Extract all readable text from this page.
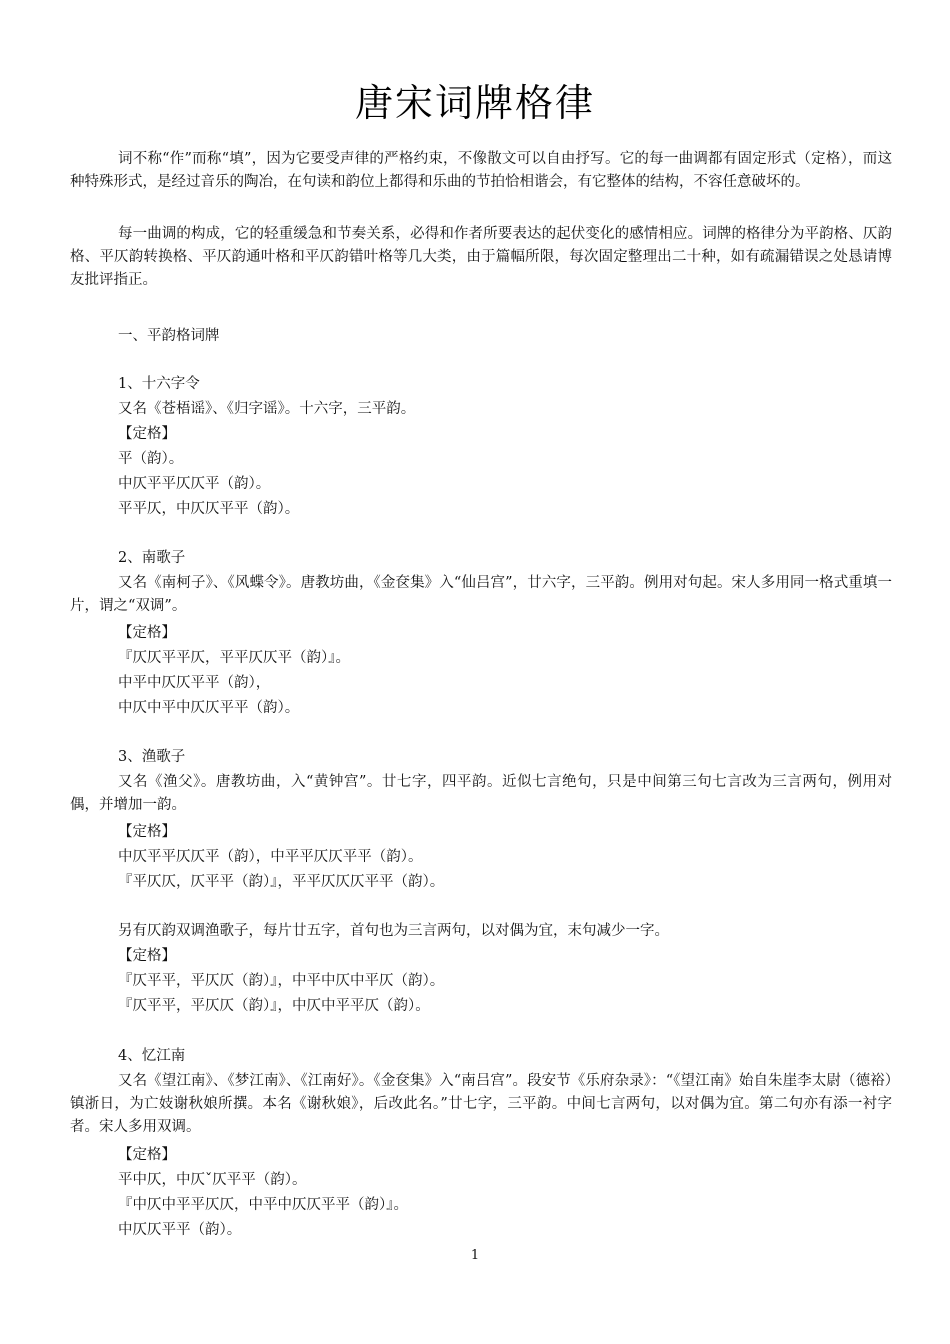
唐宋词牌格律

词不称“作”而称“填”，因为它要受声律的严格约束，不像散文可以自由抒写。它的每一曲调都有固定形式（定格），而这种特殊形式，是经过音乐的陶冶，在句读和韵位上都得和乐曲的节拍恰相谐会，有它整体的结构，不容任意破坏的。

每一曲调的构成，它的轻重缓急和节奏关系，必得和作者所要表达的起伏变化的感情相应。词牌的格律分为平韵格、仄韵格、平仄韵转换格、平仄韵通叶格和平仄韵错叶格等几大类，由于篇幅所限，每次固定整理出二十种，如有疏漏错误之处恳请博友批评指正。

一、平韵格词牌
1、十六字令
又名《苍梧谣》、《归字谣》。十六字，三平韵。
【定格】
平（韵）。
中仄平平仄仄平（韵）。
平平仄，中仄仄平平（韵）。
2、南歌子

又名《南柯子》、《风蝶令》。唐教坊曲，《金奁集》入“仙吕宫”，廿六字，三平韵。例用对句起。宋人多用同一格式重填一片，谓之“双调”。

【定格】
『仄仄平平仄，平平仄仄平（韵）』。
中平中仄仄平平（韵），
中仄中平中仄仄平平（韵）。
3、渔歌子

又名《渔父》。唐教坊曲，入“黄钟宫”。廿七字，四平韵。近似七言绝句，只是中间第三句七言改为三言两句，例用对偶，并增加一韵。

【定格】
中仄平平仄仄平（韵），中平平仄仄平平（韵）。
『平仄仄，仄平平（韵）』，平平仄仄仄平平（韵）。
另有仄韵双调渔歌子，每片廿五字，首句也为三言两句，以对偶为宜，末句减少一字。
【定格】
『仄平平，平仄仄（韵）』，中平中仄中平仄（韵）。
『仄平平，平仄仄（韵）』，中仄中平平仄（韵）。
4、忆江南

又名《望江南》、《梦江南》、《江南好》。《金奁集》入“南吕宫”。段安节《乐府杂录》：“《望江南》始自朱崖李太尉（德裕）镇浙日，为亡妓谢秋娘所撰。本名《谢秋娘》，后改此名。”廿七字，三平韵。中间七言两句，以对偶为宜。第二句亦有添一衬字者。宋人多用双调。

【定格】
平中仄，中仄ˇ仄平平（韵）。
『中仄中平平仄仄，中平中仄仄平平（韵）』。
中仄仄平平（韵）。
1
